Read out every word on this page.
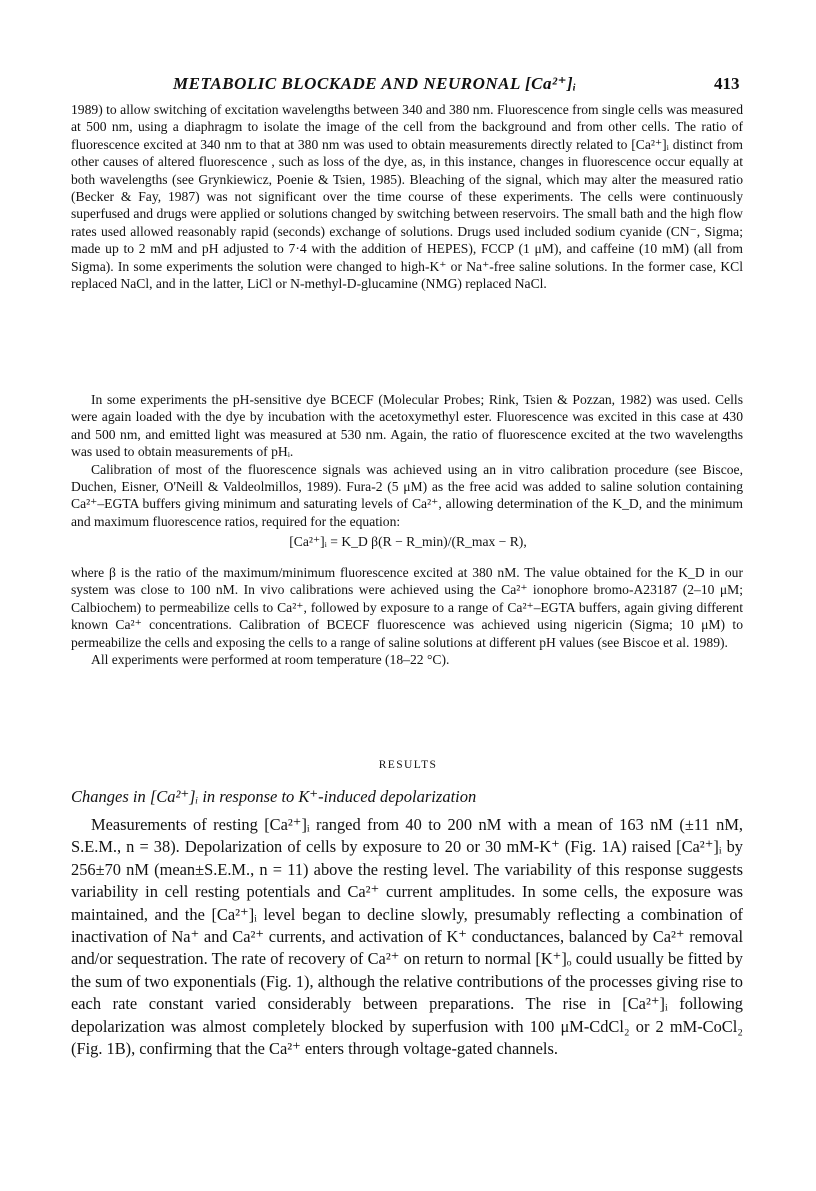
METABOLIC BLOCKADE AND NEURONAL [Ca²⁺]ᵢ	413

1989) to allow switching of excitation wavelengths between 340 and 380 nm. Fluorescence from single cells was measured at 500 nm, using a diaphragm to isolate the image of the cell from the background and from other cells. The ratio of fluorescence excited at 340 nm to that at 380 nm was used to obtain measurements directly related to [Ca²⁺]ᵢ distinct from other causes of altered fluorescence , such as loss of the dye, as, in this instance, changes in fluorescence occur equally at both wavelengths (see Grynkiewicz, Poenie & Tsien, 1985). Bleaching of the signal, which may alter the measured ratio (Becker & Fay, 1987) was not significant over the time course of these experiments. The cells were continuously superfused and drugs were applied or solutions changed by switching between reservoirs. The small bath and the high flow rates used allowed reasonably rapid (seconds) exchange of solutions. Drugs used included sodium cyanide (CN⁻, Sigma; made up to 2 mM and pH adjusted to 7·4 with the addition of HEPES), FCCP (1 μM), and caffeine (10 mM) (all from Sigma). In some experiments the solution were changed to high-K⁺ or Na⁺-free saline solutions. In the former case, KCl replaced NaCl, and in the latter, LiCl or N-methyl-D-glucamine (NMG) replaced NaCl.

In some experiments the pH-sensitive dye BCECF (Molecular Probes; Rink, Tsien & Pozzan, 1982) was used. Cells were again loaded with the dye by incubation with the acetoxymethyl ester. Fluorescence was excited in this case at 430 and 500 nm, and emitted light was measured at 530 nm. Again, the ratio of fluorescence excited at the two wavelengths was used to obtain measurements of pHᵢ.

Calibration of most of the fluorescence signals was achieved using an in vitro calibration procedure (see Biscoe, Duchen, Eisner, O'Neill & Valdeolmillos, 1989). Fura-2 (5 μM) as the free acid was added to saline solution containing Ca²⁺–EGTA buffers giving minimum and saturating levels of Ca²⁺, allowing determination of the K_D, and the minimum and maximum fluorescence ratios, required for the equation:

[Ca²⁺]ᵢ = K_D β(R − R_min)/(R_max − R),

where β is the ratio of the maximum/minimum fluorescence excited at 380 nM. The value obtained for the K_D in our system was close to 100 nM. In vivo calibrations were achieved using the Ca²⁺ ionophore bromo-A23187 (2–10 μM; Calbiochem) to permeabilize cells to Ca²⁺, followed by exposure to a range of Ca²⁺–EGTA buffers, again giving different known Ca²⁺ concentrations. Calibration of BCECF fluorescence was achieved using nigericin (Sigma; 10 μM) to permeabilize the cells and exposing the cells to a range of saline solutions at different pH values (see Biscoe et al. 1989).

All experiments were performed at room temperature (18–22 °C).

RESULTS
Changes in [Ca²⁺]ᵢ in response to K⁺-induced depolarization

Measurements of resting [Ca²⁺]ᵢ ranged from 40 to 200 nM with a mean of 163 nM (±11 nM, S.E.M., n = 38). Depolarization of cells by exposure to 20 or 30 mM-K⁺ (Fig. 1A) raised [Ca²⁺]ᵢ by 256±70 nM (mean±S.E.M., n = 11) above the resting level. The variability of this response suggests variability in cell resting potentials and Ca²⁺ current amplitudes. In some cells, the exposure was maintained, and the [Ca²⁺]ᵢ level began to decline slowly, presumably reflecting a combination of inactivation of Na⁺ and Ca²⁺ currents, and activation of K⁺ conductances, balanced by Ca²⁺ removal and/or sequestration. The rate of recovery of Ca²⁺ on return to normal [K⁺]ₒ could usually be fitted by the sum of two exponentials (Fig. 1), although the relative contributions of the processes giving rise to each rate constant varied considerably between preparations. The rise in [Ca²⁺]ᵢ following depolarization was almost completely blocked by superfusion with 100 μM-CdCl₂ or 2 mM-CoCl₂ (Fig. 1B), confirming that the Ca²⁺ enters through voltage-gated channels.
